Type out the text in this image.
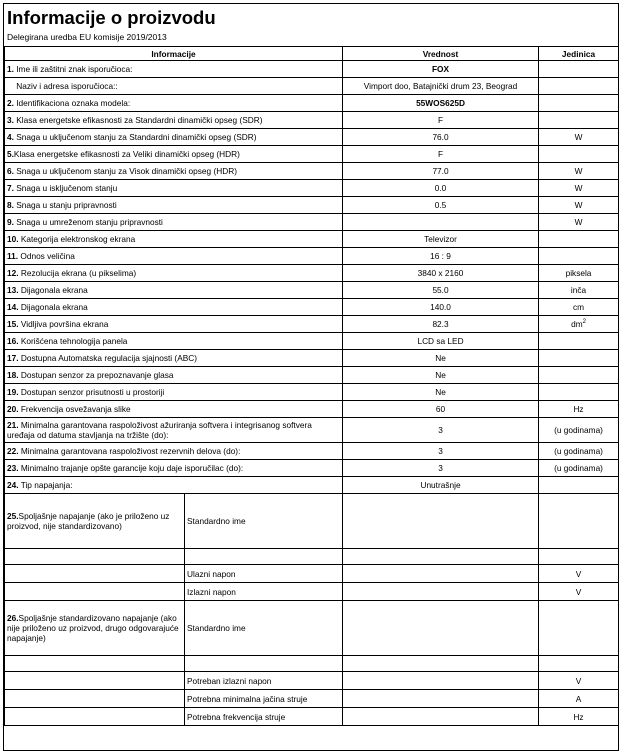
Informacije o proizvodu
Delegirana uredba EU komisije 2019/2013
Informacije		Vrednost	Jedinica
1. Ime ili zaštitni znak isporučioca:		FOX	
Naziv i adresa isporučioca::		Vimport doo, Batajnički drum 23, Beograd	
2. Identifikaciona oznaka modela:		55WOS625D	
3. Klasa energetske efikasnosti za Standardni dinamički opseg (SDR)		F	
4. Snaga u uključenom stanju za Standardni dinamički opseg (SDR)		76.0	W
5.Klasa energetske efikasnosti za Veliki dinamički opseg (HDR)		F	
6. Snaga u uključenom stanju za Visok dinamički opseg (HDR)		77.0	W
7. Snaga u isključenom stanju		0.0	W
8. Snaga u stanju pripravnosti		0.5	W
9. Snaga u umreženom stanju pripravnosti			W
10. Kategorija elektronskog ekrana		Televizor	
11. Odnos veličina		16 : 9	
12. Rezolucija ekrana (u pikselima)		3840 x 2160	piksela
13. Dijagonala ekrana		55.0	inča
14. Dijagonala ekrana		140.0	cm
15. Vidljiva površina ekrana		82.3	$dm^2$
16. Korišćena tehnologija panela		LCD sa LED	
17. Dostupna Automatska regulacija sjajnosti (ABC)		Ne	
18. Dostupan senzor za prepoznavanje glasa		Ne	
19. Dostupan senzor prisutnosti u prostoriji		Ne	
20. Frekvencija osvežavanja slike		60	Hz
21. Minimalna garantovana raspoloživost ažuriranja softvera i integrisanog softvera uređaja od datuma stavljanja na tržište (do):		3	(u godinama)
22. Minimalna garantovana raspoloživost rezervnih delova (do):		3	(u godinama)
23. Minimalno trajanje opšte garancije koju daje isporučilac (do):		3	(u godinama)
24. Tip napajanja:		Unutrašnje	
25.Spoljašnje napajanje (ako je priloženo uz proizvod, nije standardizovano)	Standardno ime		

	Ulazni napon		V
	Izlazni napon		V
26.Spoljašnje standardizovano napajanje (ako nije priloženo uz proizvod, drugo odgovarajuće napajanje)	Standardno ime		

	Potreban izlazni napon		V
	Potrebna minimalna jačina struje		A
	Potrebna frekvencija struje		Hz
